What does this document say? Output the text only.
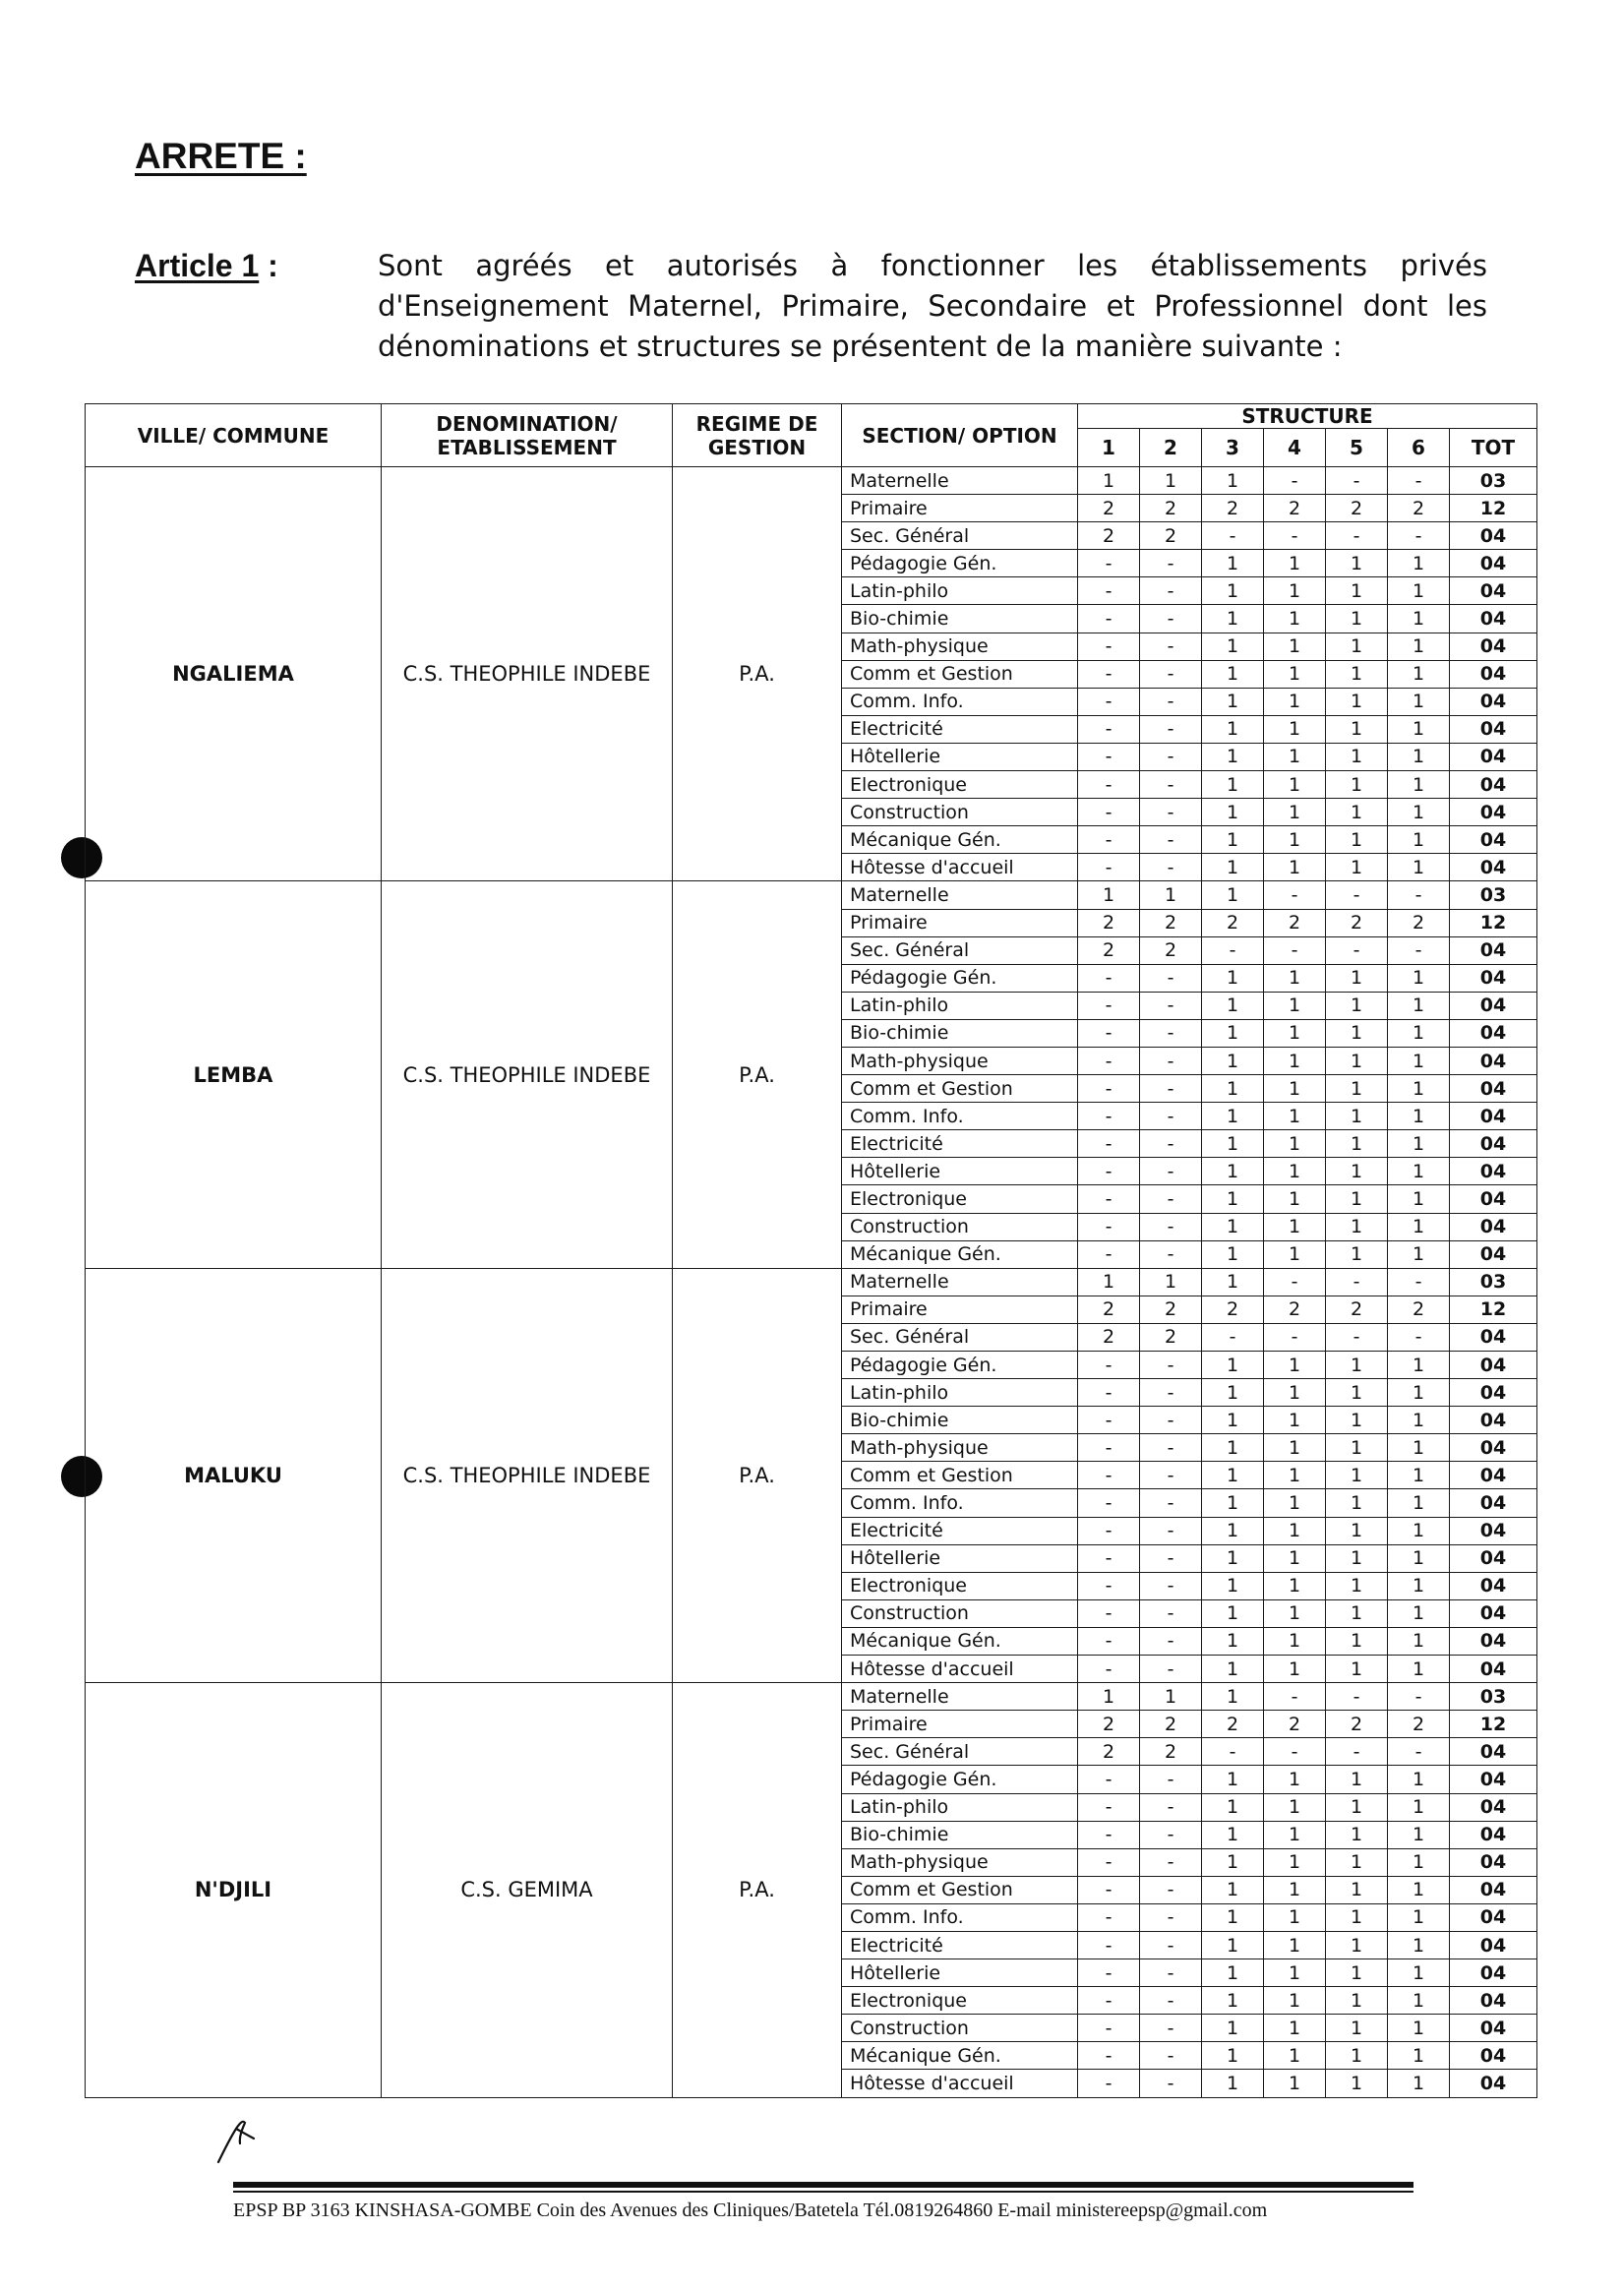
ARRETE :
Article 1 :	Sont agréés et autorisés à fonctionner les établissements privés d'Enseignement Maternel, Primaire, Secondaire et Professionnel dont les dénominations et structures se présentent de la manière suivante :

VILLE/ COMMUNE	DENOMINATION/ ETABLISSEMENT	REGIME DE GESTION	SECTION/ OPTION	STRUCTURE						
				1	2	3	4	5	6	TOT
NGALIEMA	C.S. THEOPHILE INDEBE	P.A.	Maternelle	1	1	1	-	-	-	03
			Primaire	2	2	2	2	2	2	12
			Sec. Général	2	2	-	-	-	-	04
			Pédagogie Gén.	-	-	1	1	1	1	04
			Latin-philo	-	-	1	1	1	1	04
			Bio-chimie	-	-	1	1	1	1	04
			Math-physique	-	-	1	1	1	1	04
			Comm et Gestion	-	-	1	1	1	1	04
			Comm. Info.	-	-	1	1	1	1	04
			Electricité	-	-	1	1	1	1	04
			Hôtellerie	-	-	1	1	1	1	04
			Electronique	-	-	1	1	1	1	04
			Construction	-	-	1	1	1	1	04
			Mécanique Gén.	-	-	1	1	1	1	04
			Hôtesse d'accueil	-	-	1	1	1	1	04
LEMBA	C.S. THEOPHILE INDEBE	P.A.	Maternelle	1	1	1	-	-	-	03
			Primaire	2	2	2	2	2	2	12
			Sec. Général	2	2	-	-	-	-	04
			Pédagogie Gén.	-	-	1	1	1	1	04
			Latin-philo	-	-	1	1	1	1	04
			Bio-chimie	-	-	1	1	1	1	04
			Math-physique	-	-	1	1	1	1	04
			Comm et Gestion	-	-	1	1	1	1	04
			Comm. Info.	-	-	1	1	1	1	04
			Electricité	-	-	1	1	1	1	04
			Hôtellerie	-	-	1	1	1	1	04
			Electronique	-	-	1	1	1	1	04
			Construction	-	-	1	1	1	1	04
			Mécanique Gén.	-	-	1	1	1	1	04
MALUKU	C.S. THEOPHILE INDEBE	P.A.	Maternelle	1	1	1	-	-	-	03
			Primaire	2	2	2	2	2	2	12
			Sec. Général	2	2	-	-	-	-	04
			Pédagogie Gén.	-	-	1	1	1	1	04
			Latin-philo	-	-	1	1	1	1	04
			Bio-chimie	-	-	1	1	1	1	04
			Math-physique	-	-	1	1	1	1	04
			Comm et Gestion	-	-	1	1	1	1	04
			Comm. Info.	-	-	1	1	1	1	04
			Electricité	-	-	1	1	1	1	04
			Hôtellerie	-	-	1	1	1	1	04
			Electronique	-	-	1	1	1	1	04
			Construction	-	-	1	1	1	1	04
			Mécanique Gén.	-	-	1	1	1	1	04
			Hôtesse d'accueil	-	-	1	1	1	1	04
N'DJILI	C.S. GEMIMA	P.A.	Maternelle	1	1	1	-	-	-	03
			Primaire	2	2	2	2	2	2	12
			Sec. Général	2	2	-	-	-	-	04
			Pédagogie Gén.	-	-	1	1	1	1	04
			Latin-philo	-	-	1	1	1	1	04
			Bio-chimie	-	-	1	1	1	1	04
			Math-physique	-	-	1	1	1	1	04
			Comm et Gestion	-	-	1	1	1	1	04
			Comm. Info.	-	-	1	1	1	1	04
			Electricité	-	-	1	1	1	1	04
			Hôtellerie	-	-	1	1	1	1	04
			Electronique	-	-	1	1	1	1	04
			Construction	-	-	1	1	1	1	04
			Mécanique Gén.	-	-	1	1	1	1	04
			Hôtesse d'accueil	-	-	1	1	1	1	04
EPSP BP 3163 KINSHASA-GOMBE Coin des Avenues des Cliniques/Batetela Tél.0819264860 E-mail ministereepsp@gmail.com
